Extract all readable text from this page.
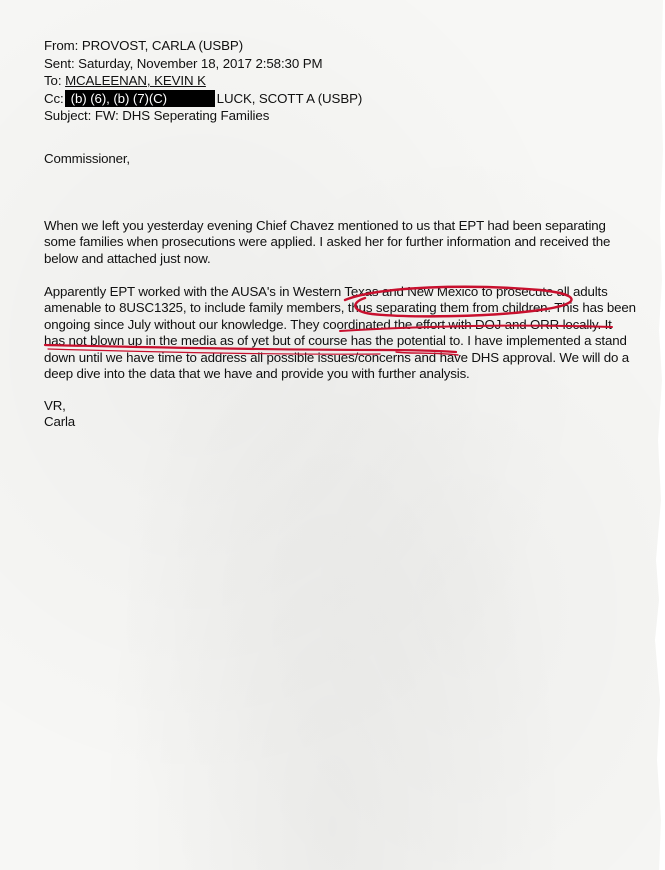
From: PROVOST, CARLA (USBP)
Sent: Saturday, November 18, 2017 2:58:30 PM
To: MCALEENAN, KEVIN K
Cc: (b) (6), (b) (7)(C)	LUCK, SCOTT A (USBP)
Subject: FW: DHS Seperating Families
Commissioner,
When we left you yesterday evening Chief Chavez mentioned to us that EPT had been separating
some families when prosecutions were applied. I asked her for further information and received the
below and attached just now.
Apparently EPT worked with the AUSA's in Western Texas and New Mexico to prosecute all adults
amenable to 8USC1325, to include family members, thus separating them from children. This has been
ongoing since July without our knowledge. They coordinated the effort with DOJ and ORR locally. It
has not blown up in the media as of yet but of course has the potential to. I have implemented a stand
down until we have time to address all possible issues/concerns and have DHS approval. We will do a
deep dive into the data that we have and provide you with further analysis.
VR,
Carla
